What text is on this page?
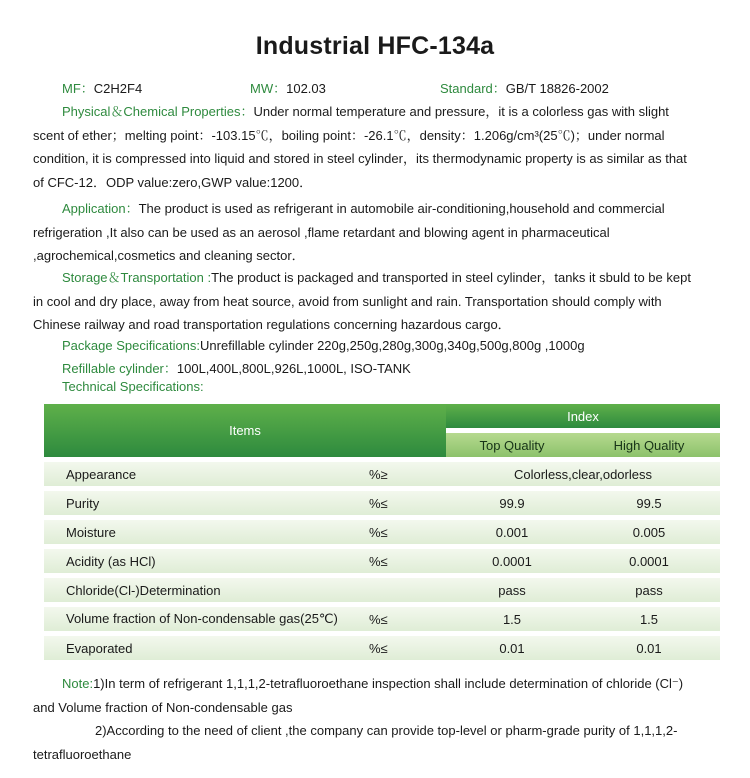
Industrial HFC-134a
MF：C2H2F4	MW：102.03	Standard：GB/T 18826-2002
Physical＆Chemical Properties：Under normal temperature and pressure，it is a colorless gas with slight
scent of ether；melting point：-103.15℃，boiling point：-26.1℃，density：1.206g/cm³(25℃)；under normal
condition, it is compressed into liquid and stored in steel cylinder，its thermodynamic property is as similar as that
of CFC-12．ODP value:zero,GWP value:1200．
Application：The product is used as refrigerant in automobile air-conditioning,household and commercial
refrigeration ,It also can be used as an aerosol ,flame retardant and blowing agent in pharmaceutical
,agrochemical,cosmetics and cleaning sector．
Storage＆Transportation :The product is packaged and transported in steel cylinder，tanks it sbuld to be kept
in cool and dry place, away from heat source, avoid from sunlight and rain. Transportation should comply with
Chinese railway and road transportation regulations concerning hazardous cargo．
Package Specifications:Unrefillable cylinder 220g,250g,280g,300g,340g,500g,800g ,1000g
Refillable cylinder：100L,400L,800L,926L,1000L, ISO-TANK
Technical Specifications:
Items		Index	
		Top Quality	High Quality
Appearance	%≥	Colorless,clear,odorless	
Purity	%≤	99.9	99.5
Moisture	%≤	0.001	0.005
Acidity (as HCl)	%≤	0.0001	0.0001
Chloride(Cl-)Determination		pass	pass
Volume fraction of Non-condensable gas(25℃)	%≤	1.5	1.5
Evaporated	%≤	0.01	0.01
Note:1)In term of refrigerant 1,1,1,2-tetrafluoroethane inspection shall include determination of chloride (Cl⁻)
and Volume fraction of Non-condensable gas
2)According to the need of client ,the company can provide top-level or pharm-grade purity of 1,1,1,2-
tetrafluoroethane
